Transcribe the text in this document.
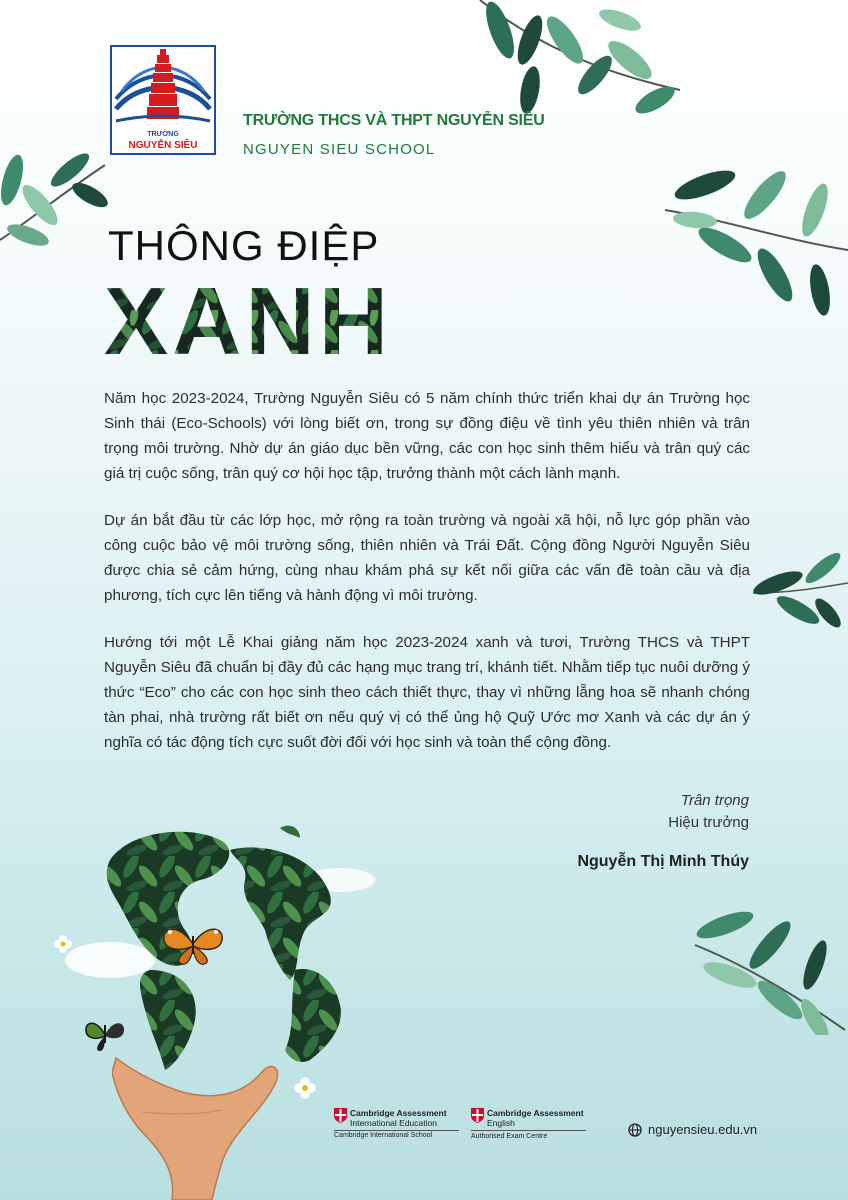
TRƯỜNG
NGUYỄN SIÊU
TRƯỜNG THCS VÀ THPT NGUYỄN SIÊU
NGUYEN SIEU SCHOOL
THÔNG ĐIỆP
XANH
Năm học 2023-2024, Trường Nguyễn Siêu có 5 năm chính thức triển khai dự án Trường học Sinh thái (Eco-Schools) với lòng biết ơn, trong sự đồng điệu về tình yêu thiên nhiên và trân trọng môi trường. Nhờ dự án giáo dục bền vững, các con học sinh thêm hiểu và trân quý các giá trị cuộc sống, trân quý cơ hội học tập, trưởng thành một cách lành mạnh.
Dự án bắt đầu từ các lớp học, mở rộng ra toàn trường và ngoài xã hội, nỗ lực góp phần vào công cuộc bảo vệ môi trường sống, thiên nhiên và Trái Đất. Cộng đồng Người Nguyễn Siêu được chia sẻ cảm hứng, cùng nhau khám phá sự kết nối giữa các vấn đề toàn cầu và địa phương, tích cực lên tiếng và hành động vì môi trường.
Hướng tới một Lễ Khai giảng năm học 2023-2024 xanh và tươi, Trường THCS và THPT Nguyễn Siêu đã chuẩn bị đầy đủ các hạng mục trang trí, khánh tiết. Nhằm tiếp tục nuôi dưỡng ý thức “Eco” cho các con học sinh theo cách thiết thực, thay vì những lẵng hoa sẽ nhanh chóng tàn phai, nhà trường rất biết ơn nếu quý vị có thể ủng hộ Quỹ Ước mơ Xanh và các dự án ý nghĩa có tác động tích cực suốt đời đối với học sinh và toàn thể cộng đồng.
Trân trọng
Hiệu trưởng
Nguyễn Thị Minh Thúy
Cambridge Assessment
International Education
Cambridge International School
Cambridge Assessment
English
Authorised Exam Centre	nguyensieu.edu.vn
